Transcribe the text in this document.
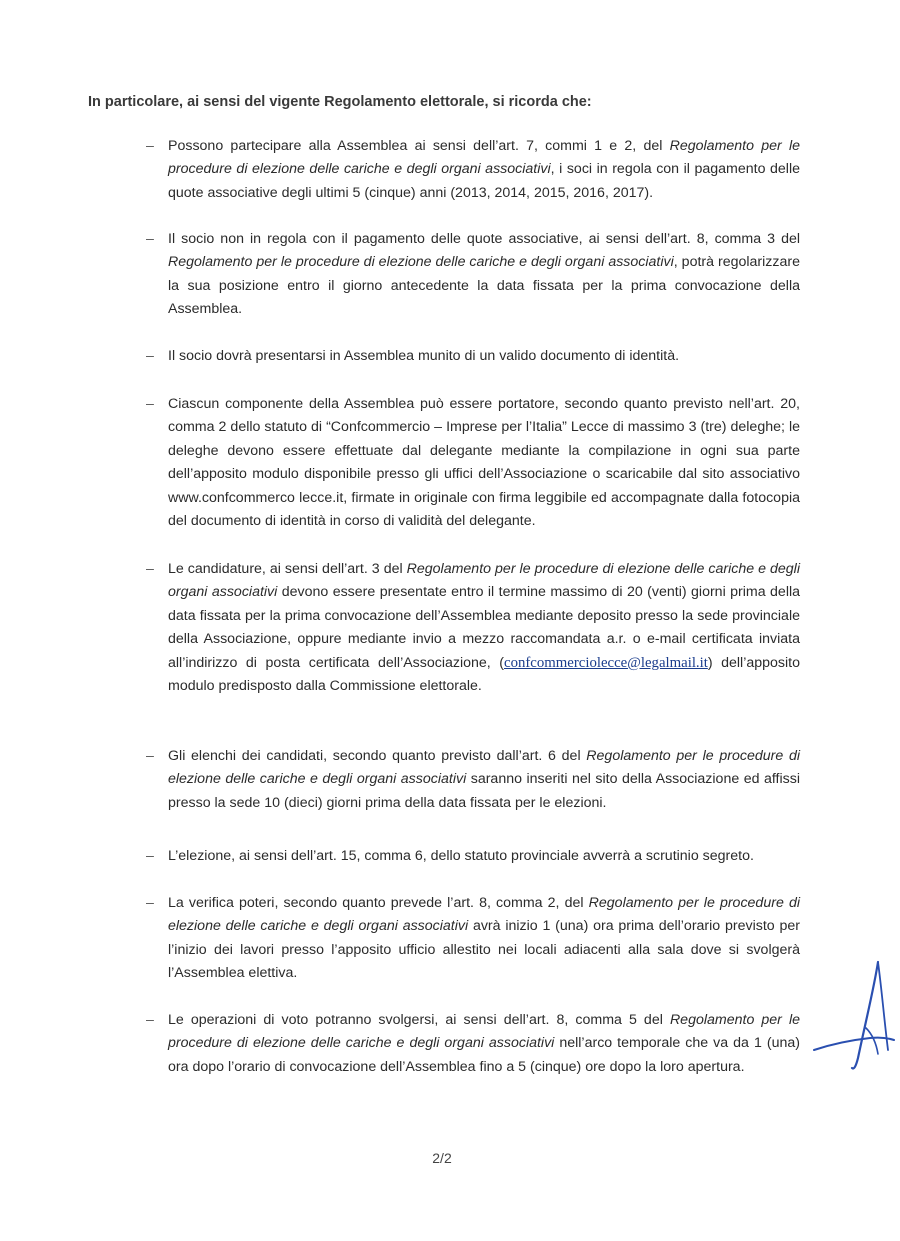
In particolare, ai sensi del vigente Regolamento elettorale, si ricorda che:

– Possono partecipare alla Assemblea ai sensi dell’art. 7, commi 1 e 2, del Regolamento per le procedure di elezione delle cariche e degli organi associativi, i soci in regola con il pagamento delle quote associative degli ultimi 5 (cinque) anni (2013, 2014, 2015, 2016, 2017).
– Il socio non in regola con il pagamento delle quote associative, ai sensi dell’art. 8, comma 3 del Regolamento per le procedure di elezione delle cariche e degli organi associativi, potrà regolarizzare la sua posizione entro il giorno antecedente la data fissata per la prima convocazione della Assemblea.
– Il socio dovrà presentarsi in Assemblea munito di un valido documento di identità.
– Ciascun componente della Assemblea può essere portatore, secondo quanto previsto nell’art. 20, comma 2 dello statuto di “Confcommercio – Imprese per l’Italia” Lecce di massimo 3 (tre) deleghe; le deleghe devono essere effettuate dal delegante mediante la compilazione in ogni sua parte dell’apposito modulo disponibile presso gli uffici dell’Associazione o scaricabile dal sito associativo www.confcommerco lecce.it, firmate in originale con firma leggibile ed accompagnate dalla fotocopia del documento di identità in corso di validità del delegante.
– Le candidature, ai sensi dell’art. 3 del Regolamento per le procedure di elezione delle cariche e degli organi associativi devono essere presentate entro il termine massimo di 20 (venti) giorni prima della data fissata per la prima convocazione dell’Assemblea mediante deposito presso la sede provinciale della Associazione, oppure mediante invio a mezzo raccomandata a.r. o e-mail certificata inviata all’indirizzo di posta certificata dell’Associazione, (confcommerciolecce@legalmail.it) dell’apposito modulo predisposto dalla Commissione elettorale.
– Gli elenchi dei candidati, secondo quanto previsto dall’art. 6 del Regolamento per le procedure di elezione delle cariche e degli organi associativi saranno inseriti nel sito della Associazione ed affissi presso la sede 10 (dieci) giorni prima della data fissata per le elezioni.
– L’elezione, ai sensi dell’art. 15, comma 6, dello statuto provinciale avverrà a scrutinio segreto.
– La verifica poteri, secondo quanto prevede l’art. 8, comma 2, del Regolamento per le procedure di elezione delle cariche e degli organi associativi avrà inizio 1 (una) ora prima dell’orario previsto per l’inizio dei lavori presso l’apposito ufficio allestito nei locali adiacenti alla sala dove si svolgerà l’Assemblea elettiva.
– Le operazioni di voto potranno svolgersi, ai sensi dell’art. 8, comma 5 del Regolamento per le procedure di elezione delle cariche e degli organi associativi nell’arco temporale che va da 1 (una) ora dopo l’orario di convocazione dell’Assemblea fino a 5 (cinque) ore dopo la loro apertura.
2/2
